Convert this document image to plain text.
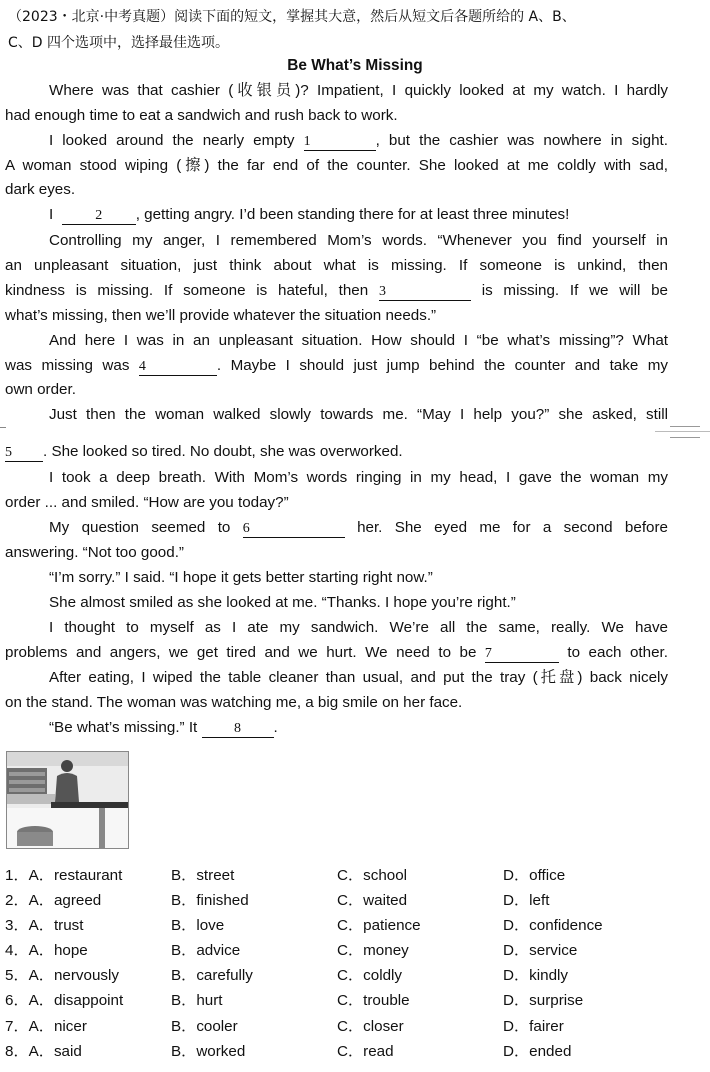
（2023・北京·中考真题）阅读下面的短文，掌握其大意，然后从短文后各题所给的 A、B、
C、D 四个选项中，选择最佳选项。
Be What’s Missing
Where was that cashier (收银员)? Impatient, I quickly looked at my watch. I hardly
had enough time to eat a sandwich and rush back to work.
I looked around the nearly empty 1	, but the cashier was nowhere in sight.
A woman stood wiping (擦) the far end of the counter. She looked at me coldly with sad,
dark eyes.
I	2 , getting angry. I’d been standing there for at least three minutes!
Controlling my anger, I remembered Mom’s words. “Whenever you find yourself in
an unpleasant situation, just think about what is missing. If someone is unkind, then
kindness is missing. If someone is hateful, then 3	is missing. If we will be
what’s missing, then we’ll provide whatever the situation needs.”
And here I was in an unpleasant situation. How should I “be what’s missing”? What
was missing was 4	. Maybe I should just jump behind the counter and take my
own order.
Just then the woman walked slowly towards me. “May I help you?” she asked, still
5 . She looked so tired. No doubt, she was overworked.
I took a deep breath. With Mom’s words ringing in my head, I gave the woman my
order ... and smiled. “How are you today?”
My question seemed to 6	her. She eyed me for a second before
answering. “Not too good.”
“I’m sorry.” I said. “I hope it gets better starting right now.”
She almost smiled as she looked at me. “Thanks. I hope you’re right.”
I thought to myself as I ate my sandwich. We’re all the same, really. We have
problems and angers, we get tired and we hurt. We need to be 7	to each other.
After eating, I wiped the table cleaner than usual, and put the tray (托盘) back nicely
on the stand. The woman was watching me, a big smile on her face.
“Be what’s missing.” It	8 .
1．A．restaurant	B．street	C．school	D．office
2．A．agreed	B．finished	C．waited	D．left
3．A．trust	B．love	C．patience	D．confidence
4．A．hope	B．advice	C．money	D．service
5．A．nervously	B．carefully	C．coldly	D．kindly
6．A．disappoint	B．hurt	C．trouble	D．surprise
7．A．nicer	B．cooler	C．closer	D．fairer
8．A．said	B．worked	C．read	D．ended
